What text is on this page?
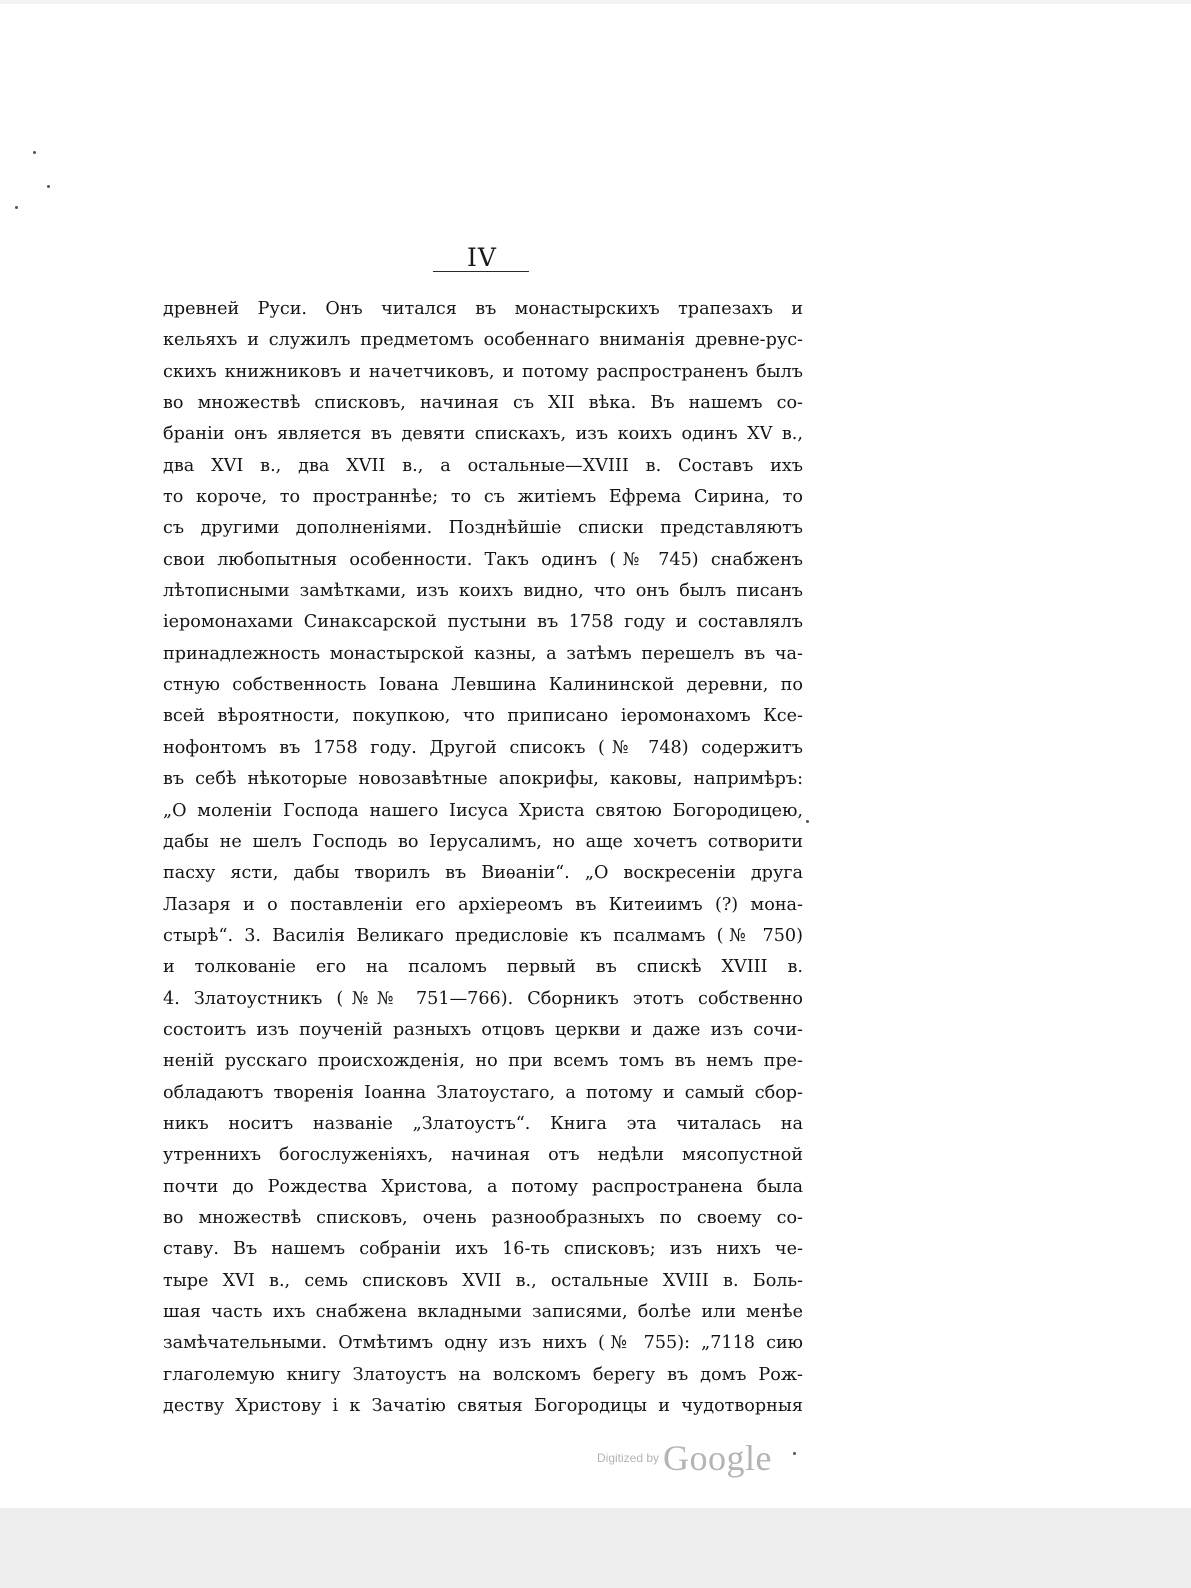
IV
древней Руси. Онъ читался въ монастырскихъ трапезахъ и
кельяхъ и служилъ предметомъ особеннаго вниманія древне-рус-
скихъ книжниковъ и начетчиковъ, и потому распространенъ былъ
во множествѣ списковъ, начиная съ XII вѣка. Въ нашемъ со-
браніи онъ является въ девяти спискахъ, изъ коихъ одинъ XV в.,
два XVI в., два XVII в., а остальные—XVIII в. Составъ ихъ
то короче, то пространнѣе; то съ житіемъ Ефрема Сирина, то
съ другими дополненіями. Позднѣйшіе списки представляютъ
свои любопытныя особенности. Такъ одинъ (№ 745) снабженъ
лѣтописными замѣтками, изъ коихъ видно, что онъ былъ писанъ
іеромонахами Синаксарской пустыни въ 1758 году и составлялъ
принадлежность монастырской казны, а затѣмъ перешелъ въ ча-
стную собственность Іована Левшина Калининской деревни, по
всей вѣроятности, покупкою, что приписано іеромонахомъ Ксе-
нофонтомъ въ 1758 году. Другой списокъ (№ 748) содержитъ
въ себѣ нѣкоторые новозавѣтные апокрифы, каковы, напримѣръ:
„О моленіи Господа нашего Іисуса Христа святою Богородицею,
дабы не шелъ Господь во Іерусалимъ, но аще хочетъ сотворити
пасху ясти, дабы творилъ въ Виѳаніи“. „О воскресеніи друга
Лазаря и о поставленіи его архіереомъ въ Китеиимъ (?) мона-
стырѣ“. 3. Василія Великаго предисловіе къ псалмамъ (№ 750)
и толкованіе его на псаломъ первый въ спискѣ XVIII в.
4. Златоустникъ (№№ 751—766). Сборникъ этотъ собственно
состоитъ изъ поученій разныхъ отцовъ церкви и даже изъ сочи-
неній русскаго происхожденія, но при всемъ томъ въ немъ пре-
обладаютъ творенія Іоанна Златоустаго, а потому и самый сбор-
никъ носитъ названіе „Златоустъ“. Книга эта читалась на
утреннихъ богослуженіяхъ, начиная отъ недѣли мясопустной
почти до Рождества Христова, а потому распространена была
во множествѣ списковъ, очень разнообразныхъ по своему со-
ставу. Въ нашемъ собраніи ихъ 16-ть списковъ; изъ нихъ че-
тыре XVI в., семь списковъ XVII в., остальные XVIII в. Боль-
шая часть ихъ снабжена вкладными записями, болѣе или менѣе
замѣчательными. Отмѣтимъ одну изъ нихъ (№ 755): „7118 сию
глаголемую книгу Златоустъ на волскомъ берегу въ домъ Рож-
деству Христову і к Зачатію святыя Богородицы и чудотворныя
Digitized by Google
